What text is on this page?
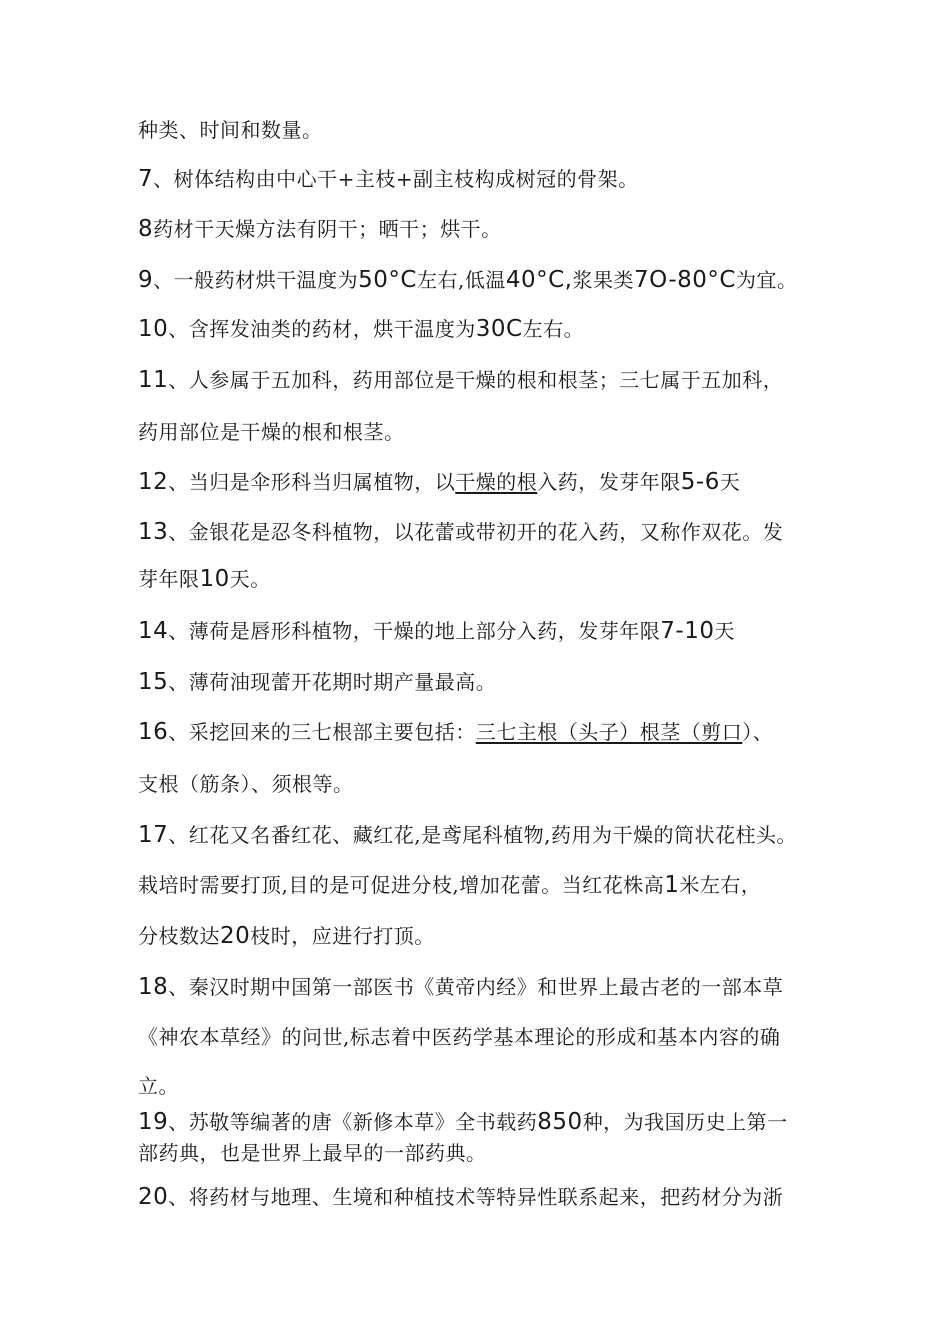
种类、时间和数量。
7、树体结构由中心干+主枝+副主枝构成树冠的骨架。
8药材干天燥方法有阴干；晒干；烘干。
9、一般药材烘干温度为50°C左右,低温40°C,浆果类7O-80°C为宜。
10、含挥发油类的药材，烘干温度为30C左右。
11、人参属于五加科，药用部位是干燥的根和根茎；三七属于五加科，
药用部位是干燥的根和根茎。
12、当归是伞形科当归属植物，以干燥的根入药，发芽年限5-6天
13、金银花是忍冬科植物，以花蕾或带初开的花入药，又称作双花。发
芽年限10天。
14、薄荷是唇形科植物，干燥的地上部分入药，发芽年限7-10天
15、薄荷油现蕾开花期时期产量最高。
16、采挖回来的三七根部主要包括：三七主根（头子）根茎（剪口）、
支根（筋条）、须根等。
17、红花又名番红花、藏红花,是鸢尾科植物,药用为干燥的筒状花柱头。
栽培时需要打顶,目的是可促进分枝,增加花蕾。当红花株高1米左右，
分枝数达20枝时，应进行打顶。
18、秦汉时期中国第一部医书《黄帝内经》和世界上最古老的一部本草
《神农本草经》的问世,标志着中医药学基本理论的形成和基本内容的确
立。
19、苏敬等编著的唐《新修本草》全书载药850种，为我国历史上第一
部药典，也是世界上最早的一部药典。
20、将药材与地理、生境和种植技术等特异性联系起来，把药材分为浙
